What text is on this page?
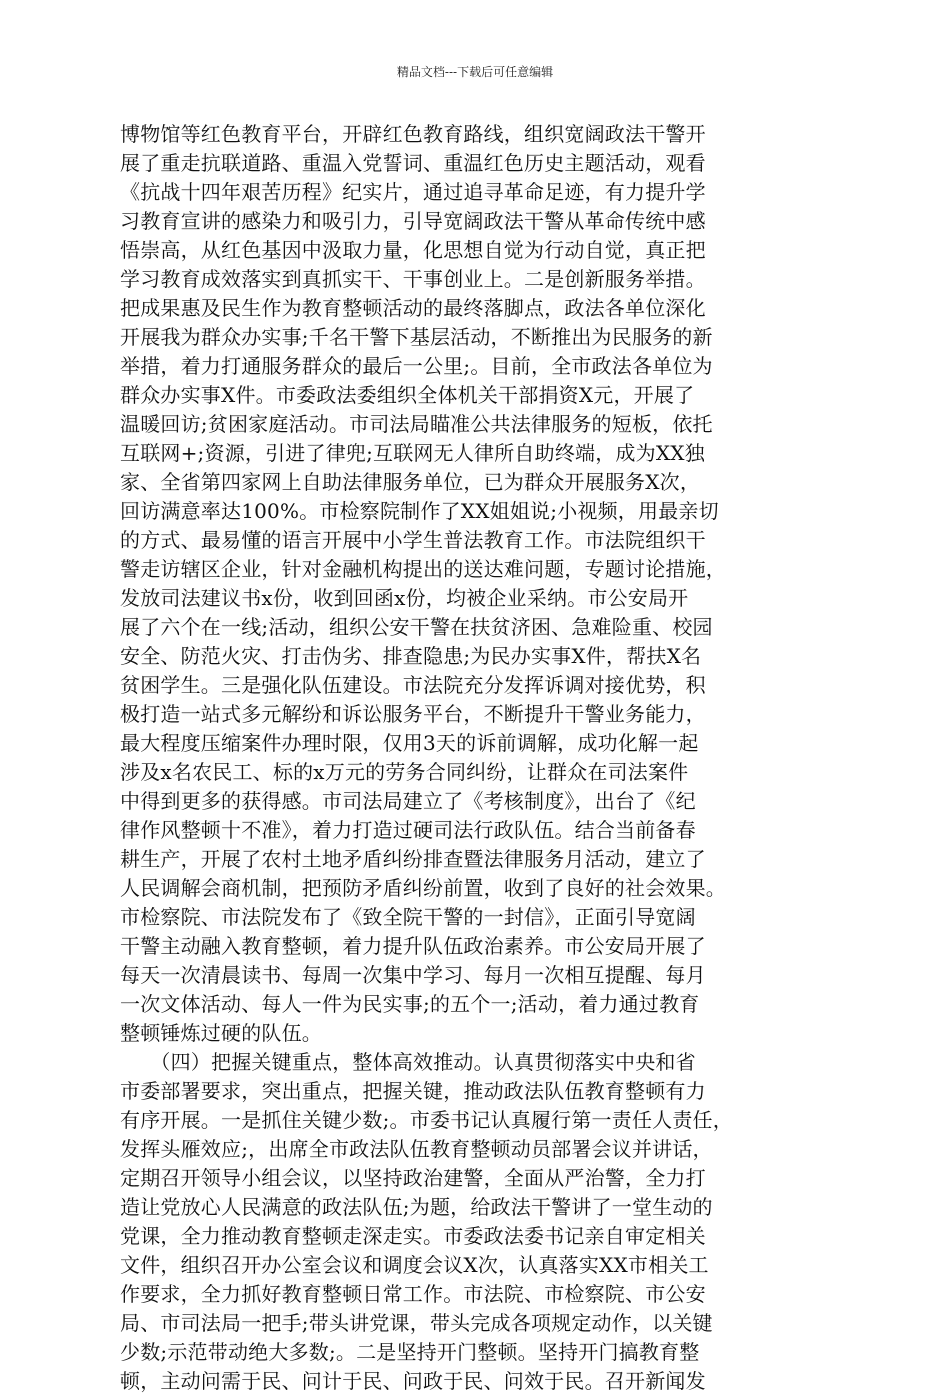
精品文档---下载后可任意编辑
博物馆等红色教育平台，开辟红色教育路线，组织宽阔政法干警开
展了重走抗联道路、重温入党誓词、重温红色历史主题活动，观看
《抗战十四年艰苦历程》纪实片，通过追寻革命足迹，有力提升学
习教育宣讲的感染力和吸引力，引导宽阔政法干警从革命传统中感
悟崇高，从红色基因中汲取力量，化思想自觉为行动自觉，真正把
学习教育成效落实到真抓实干、干事创业上。二是创新服务举措。
把成果惠及民生作为教育整顿活动的最终落脚点，政法各单位深化
开展我为群众办实事;千名干警下基层活动，不断推出为民服务的新
举措，着力打通服务群众的最后一公里;。目前，全市政法各单位为
群众办实事X件。市委政法委组织全体机关干部捐资X元，开展了
温暖回访;贫困家庭活动。市司法局瞄准公共法律服务的短板，依托
互联网+;资源，引进了律兜;互联网无人律所自助终端，成为XX独
家、全省第四家网上自助法律服务单位，已为群众开展服务X次，
回访满意率达100%。市检察院制作了XX姐姐说;小视频，用最亲切
的方式、最易懂的语言开展中小学生普法教育工作。市法院组织干
警走访辖区企业，针对金融机构提出的送达难问题，专题讨论措施，
发放司法建议书x份，收到回函x份，均被企业采纳。市公安局开
展了六个在一线;活动，组织公安干警在扶贫济困、急难险重、校园
安全、防范火灾、打击伪劣、排查隐患;为民办实事X件，帮扶X名
贫困学生。三是强化队伍建设。市法院充分发挥诉调对接优势，积
极打造一站式多元解纷和诉讼服务平台，不断提升干警业务能力，
最大程度压缩案件办理时限，仅用3天的诉前调解，成功化解一起
涉及x名农民工、标的x万元的劳务合同纠纷，让群众在司法案件
中得到更多的获得感。市司法局建立了《考核制度》，出台了《纪
律作风整顿十不准》，着力打造过硬司法行政队伍。结合当前备春
耕生产，开展了农村土地矛盾纠纷排查暨法律服务月活动，建立了
人民调解会商机制，把预防矛盾纠纷前置，收到了良好的社会效果。
市检察院、市法院发布了《致全院干警的一封信》，正面引导宽阔
干警主动融入教育整顿，着力提升队伍政治素养。市公安局开展了
每天一次清晨读书、每周一次集中学习、每月一次相互提醒、每月
一次文体活动、每人一件为民实事;的五个一;活动，着力通过教育
整顿锤炼过硬的队伍。
　　（四）把握关键重点，整体高效推动。认真贯彻落实中央和省
市委部署要求，突出重点，把握关键，推动政法队伍教育整顿有力
有序开展。一是抓住关键少数;。市委书记认真履行第一责任人责任，
发挥头雁效应;，出席全市政法队伍教育整顿动员部署会议并讲话，
定期召开领导小组会议，以坚持政治建警，全面从严治警，全力打
造让党放心人民满意的政法队伍;为题，给政法干警讲了一堂生动的
党课，全力推动教育整顿走深走实。市委政法委书记亲自审定相关
文件，组织召开办公室会议和调度会议X次，认真落实XX市相关工
作要求，全力抓好教育整顿日常工作。市法院、市检察院、市公安
局、市司法局一把手;带头讲党课，带头完成各项规定动作，以关键
少数;示范带动绝大多数;。二是坚持开门整顿。坚持开门搞教育整
顿，主动问需于民、问计于民、问政于民、问效于民。召开新闻发
